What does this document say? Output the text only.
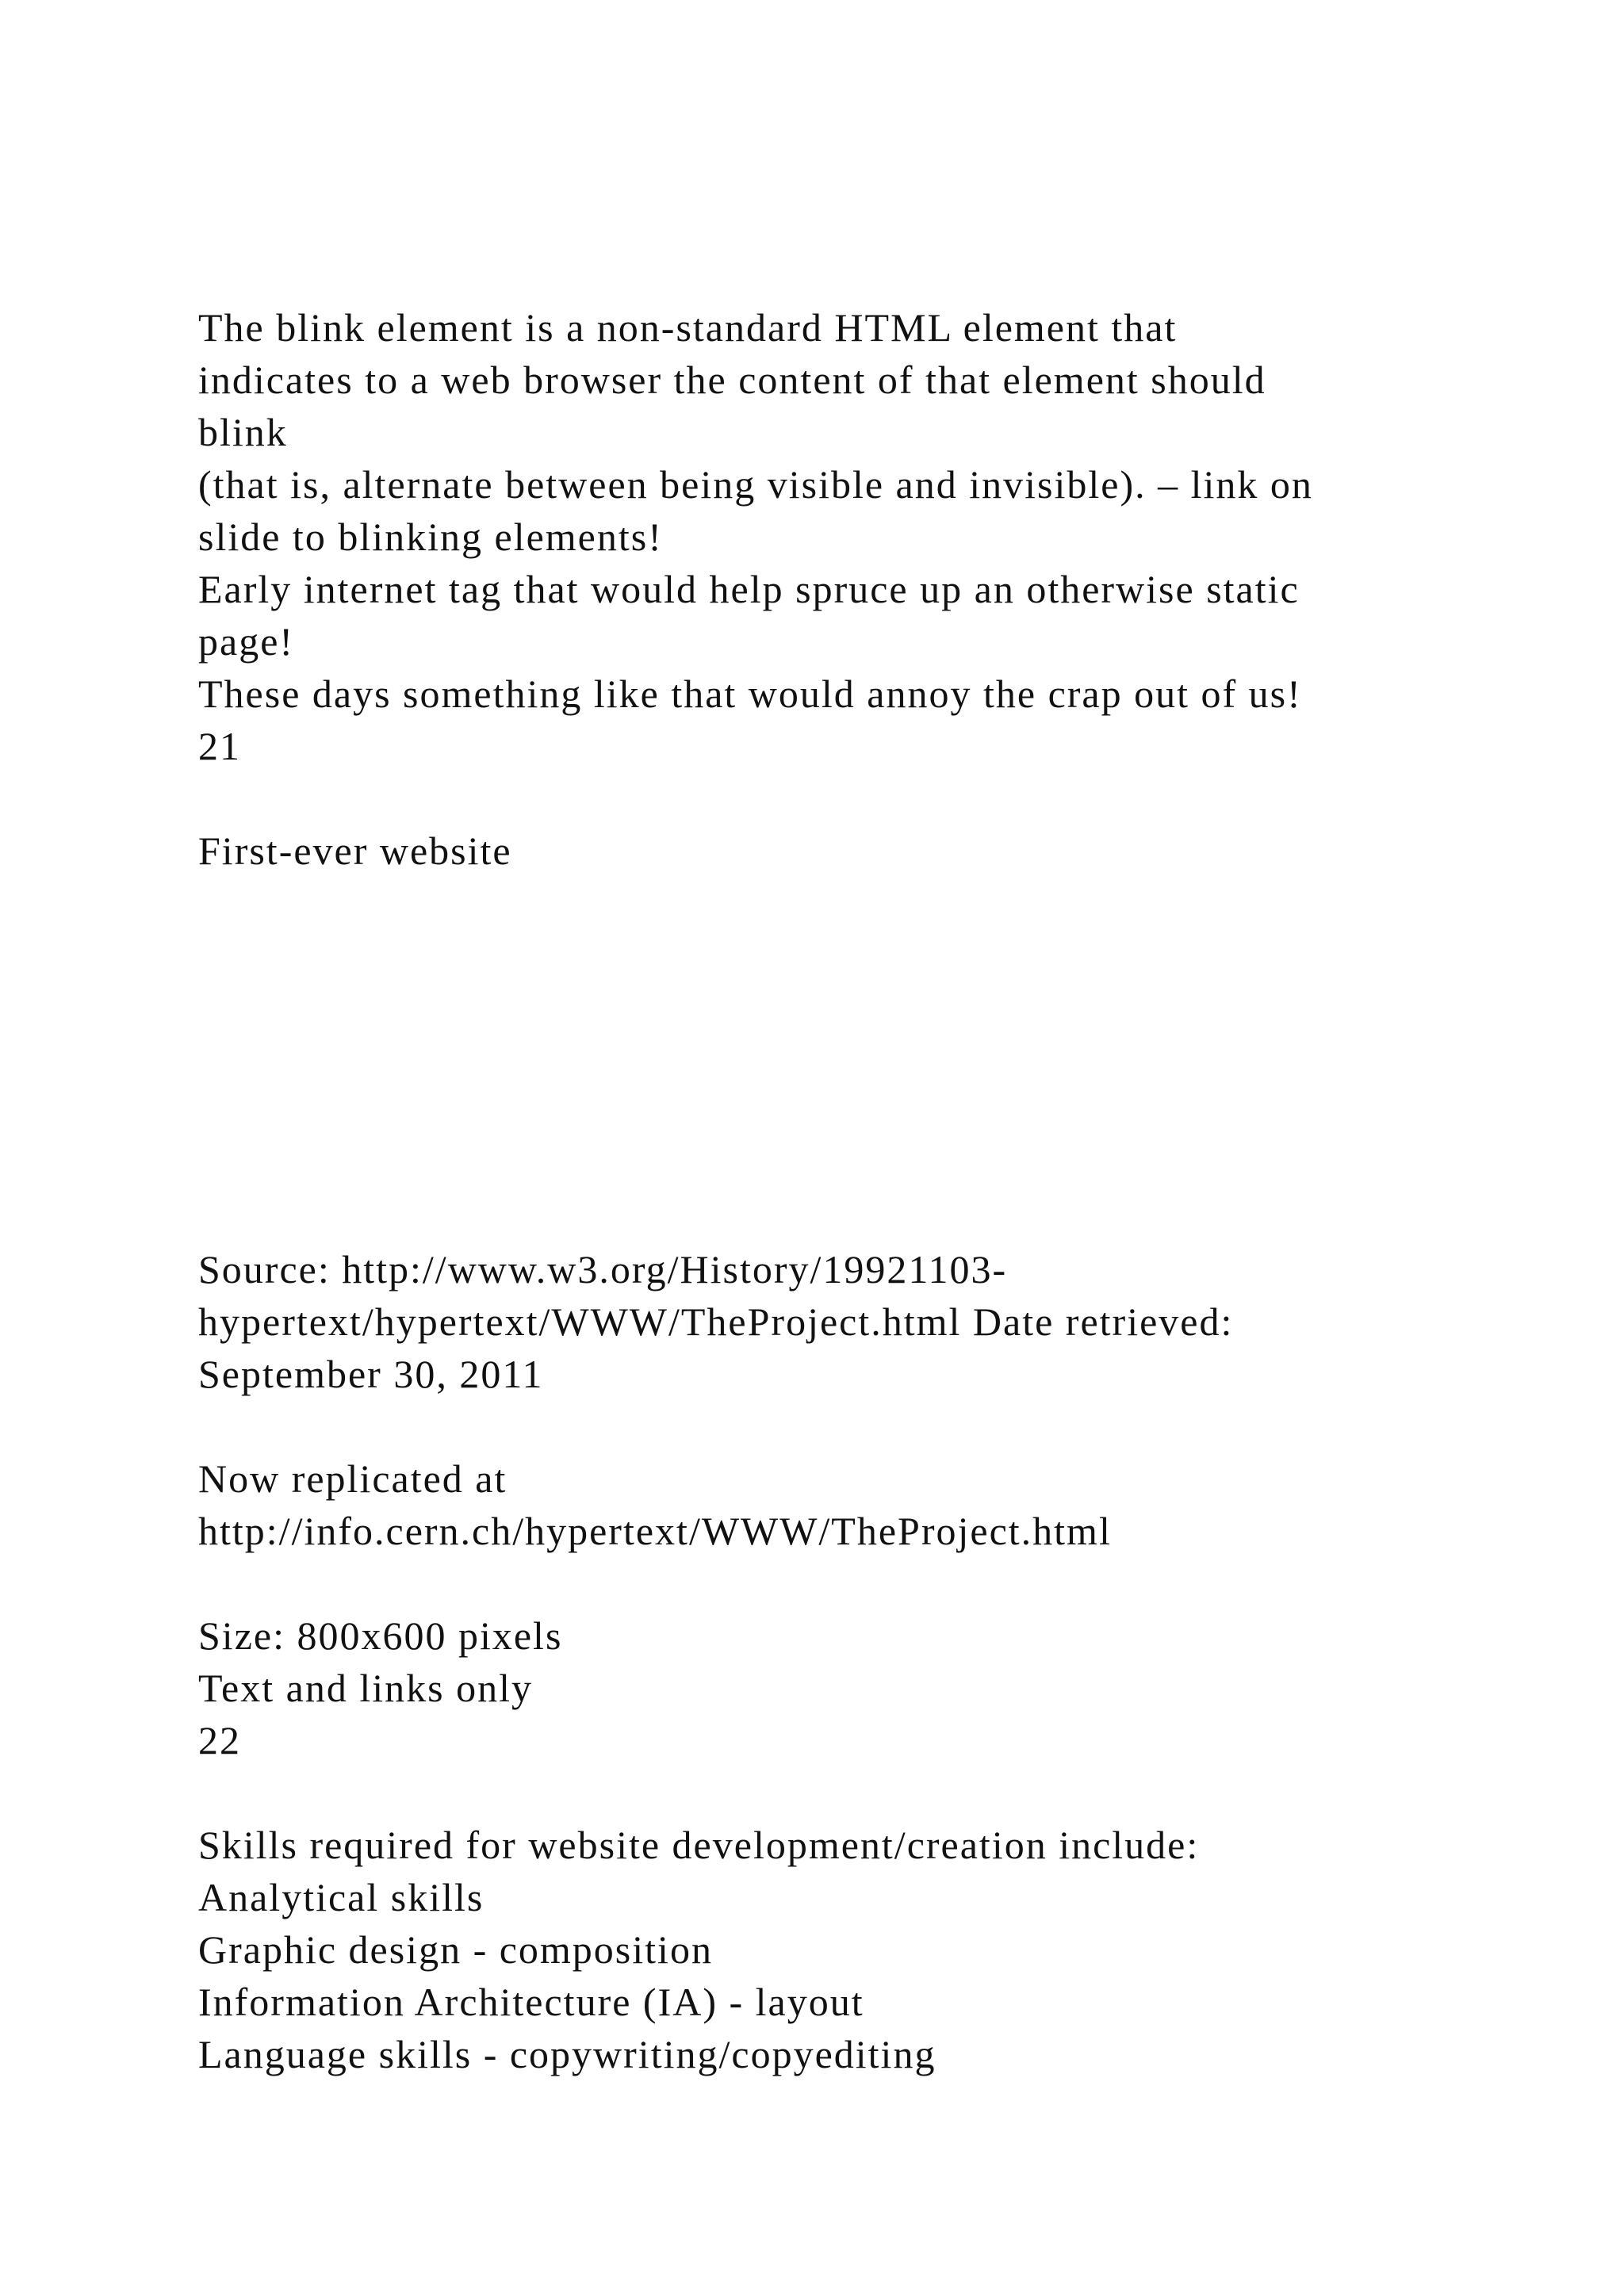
The blink element is a non-standard HTML element that
indicates to a web browser the content of that element should
blink
(that is, alternate between being visible and invisible). – link on
slide to blinking elements!
Early internet tag that would help spruce up an otherwise static
page!
These days something like that would annoy the crap out of us!
21
First-ever website
Source: http://www.w3.org/History/19921103-
hypertext/hypertext/WWW/TheProject.html Date retrieved:
September 30, 2011
Now replicated at
http://info.cern.ch/hypertext/WWW/TheProject.html
Size: 800x600 pixels
Text and links only
22
Skills required for website development/creation include:
Analytical skills
Graphic design - composition
Information Architecture (IA) - layout
Language skills - copywriting/copyediting
